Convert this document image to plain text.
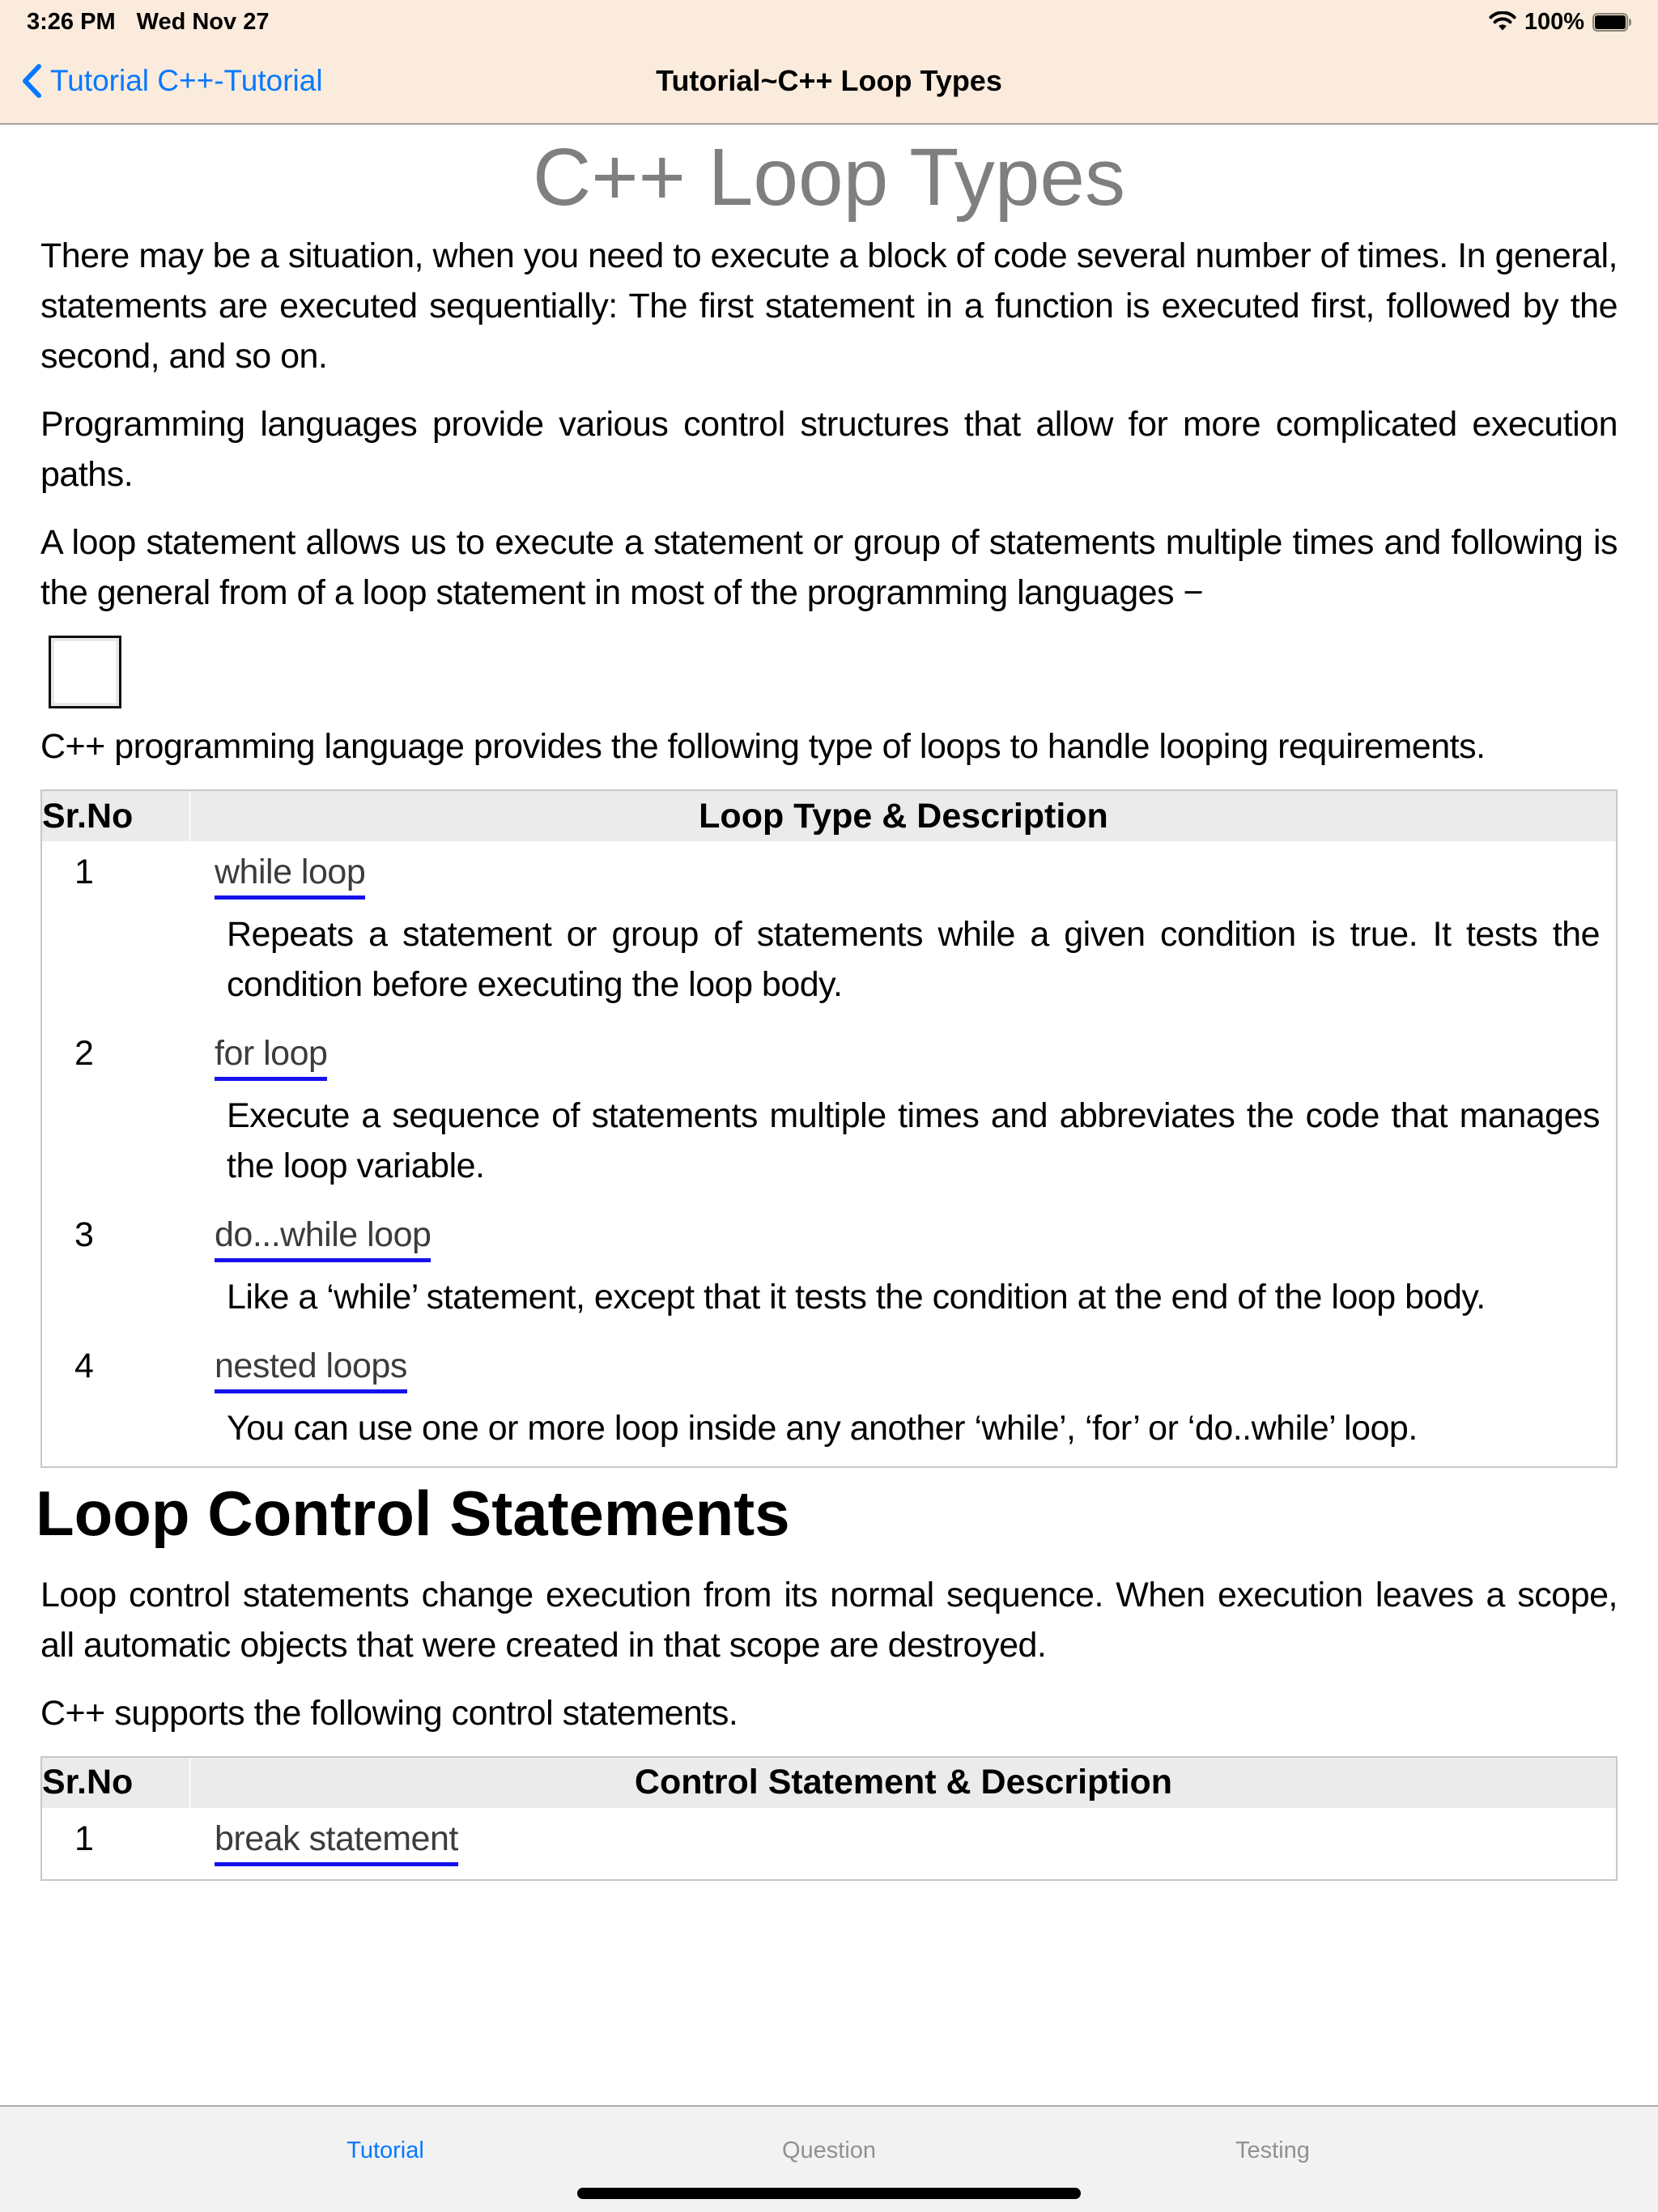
3:26 PM Wed Nov 27	100%
Tutorial C++-Tutorial	Tutorial~C++ Loop Types
C++ Loop Types

There may be a situation, when you need to execute a block of code several number of times. In general, statements are executed sequentially: The first statement in a function is executed first, followed by the second, and so on.

Programming languages provide various control structures that allow for more complicated execution paths.

A loop statement allows us to execute a statement or group of statements multiple times and following is the general from of a loop statement in most of the programming languages −

C++ programming language provides the following type of loops to handle looping requirements.

Sr.No	Loop Type & Description
1	while loop

Repeats a statement or group of statements while a given condition is true. It tests the condition before executing the loop body.

2	for loop

Execute a sequence of statements multiple times and abbreviates the code that manages the loop variable.

3	do...while loop

Like a ‘while’ statement, except that it tests the condition at the end of the loop body.

4	nested loops

You can use one or more loop inside any another ‘while’, ‘for’ or ‘do..while’ loop.

Loop Control Statements

Loop control statements change execution from its normal sequence. When execution leaves a scope, all automatic objects that were created in that scope are destroyed.

C++ supports the following control statements.

Sr.No	Control Statement & Description
1	break statement
Tutorial	Question	Testing
